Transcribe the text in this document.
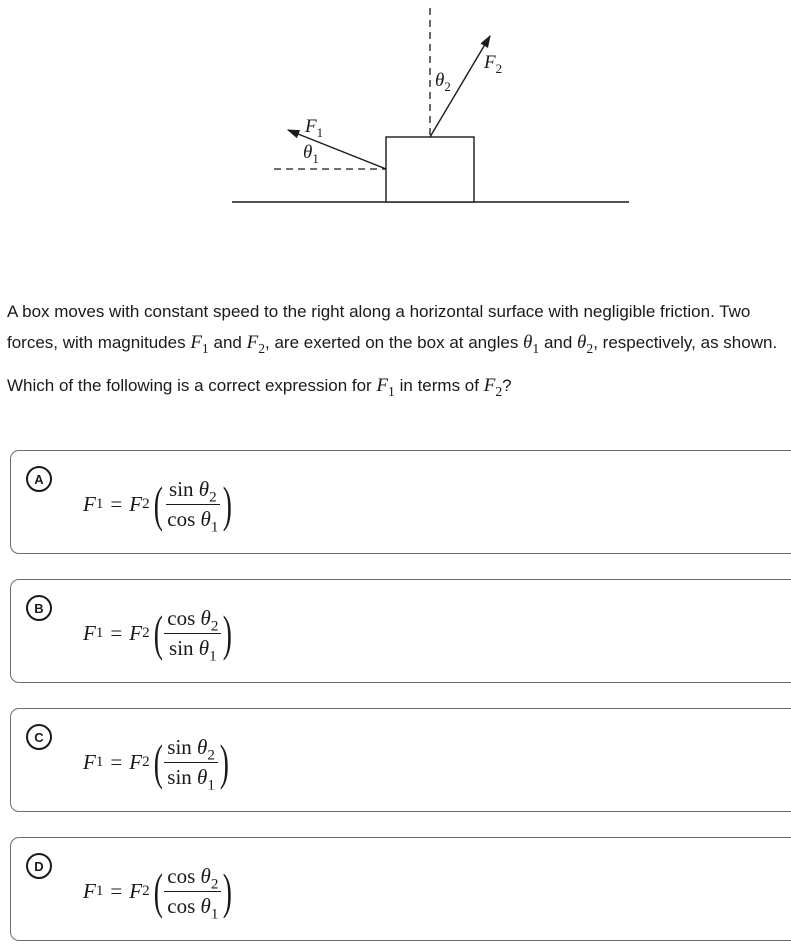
$F_1$
$\theta_1$
$F_2$
$\theta_2$
A box moves with constant speed to the right along a horizontal surface with negligible friction. Two
forces, with magnitudes $F_1$ and $F_2$, are exerted on the box at angles $\theta_1$ and $\theta_2$, respectively, as shown.
Which of the following is a correct expression for $F_1$ in terms of $F_2$?
A
F 1 = F 2 ( $\frac{\sin \theta_2}{\cos \theta_1}$ )
B
F 1 = F 2 ( $\frac{\cos \theta_2}{\sin \theta_1}$ )
C
F 1 = F 2 ( $\frac{\sin \theta_2}{\sin \theta_1}$ )
D
F 1 = F 2 ( $\frac{\cos \theta_2}{\cos \theta_1}$ )
